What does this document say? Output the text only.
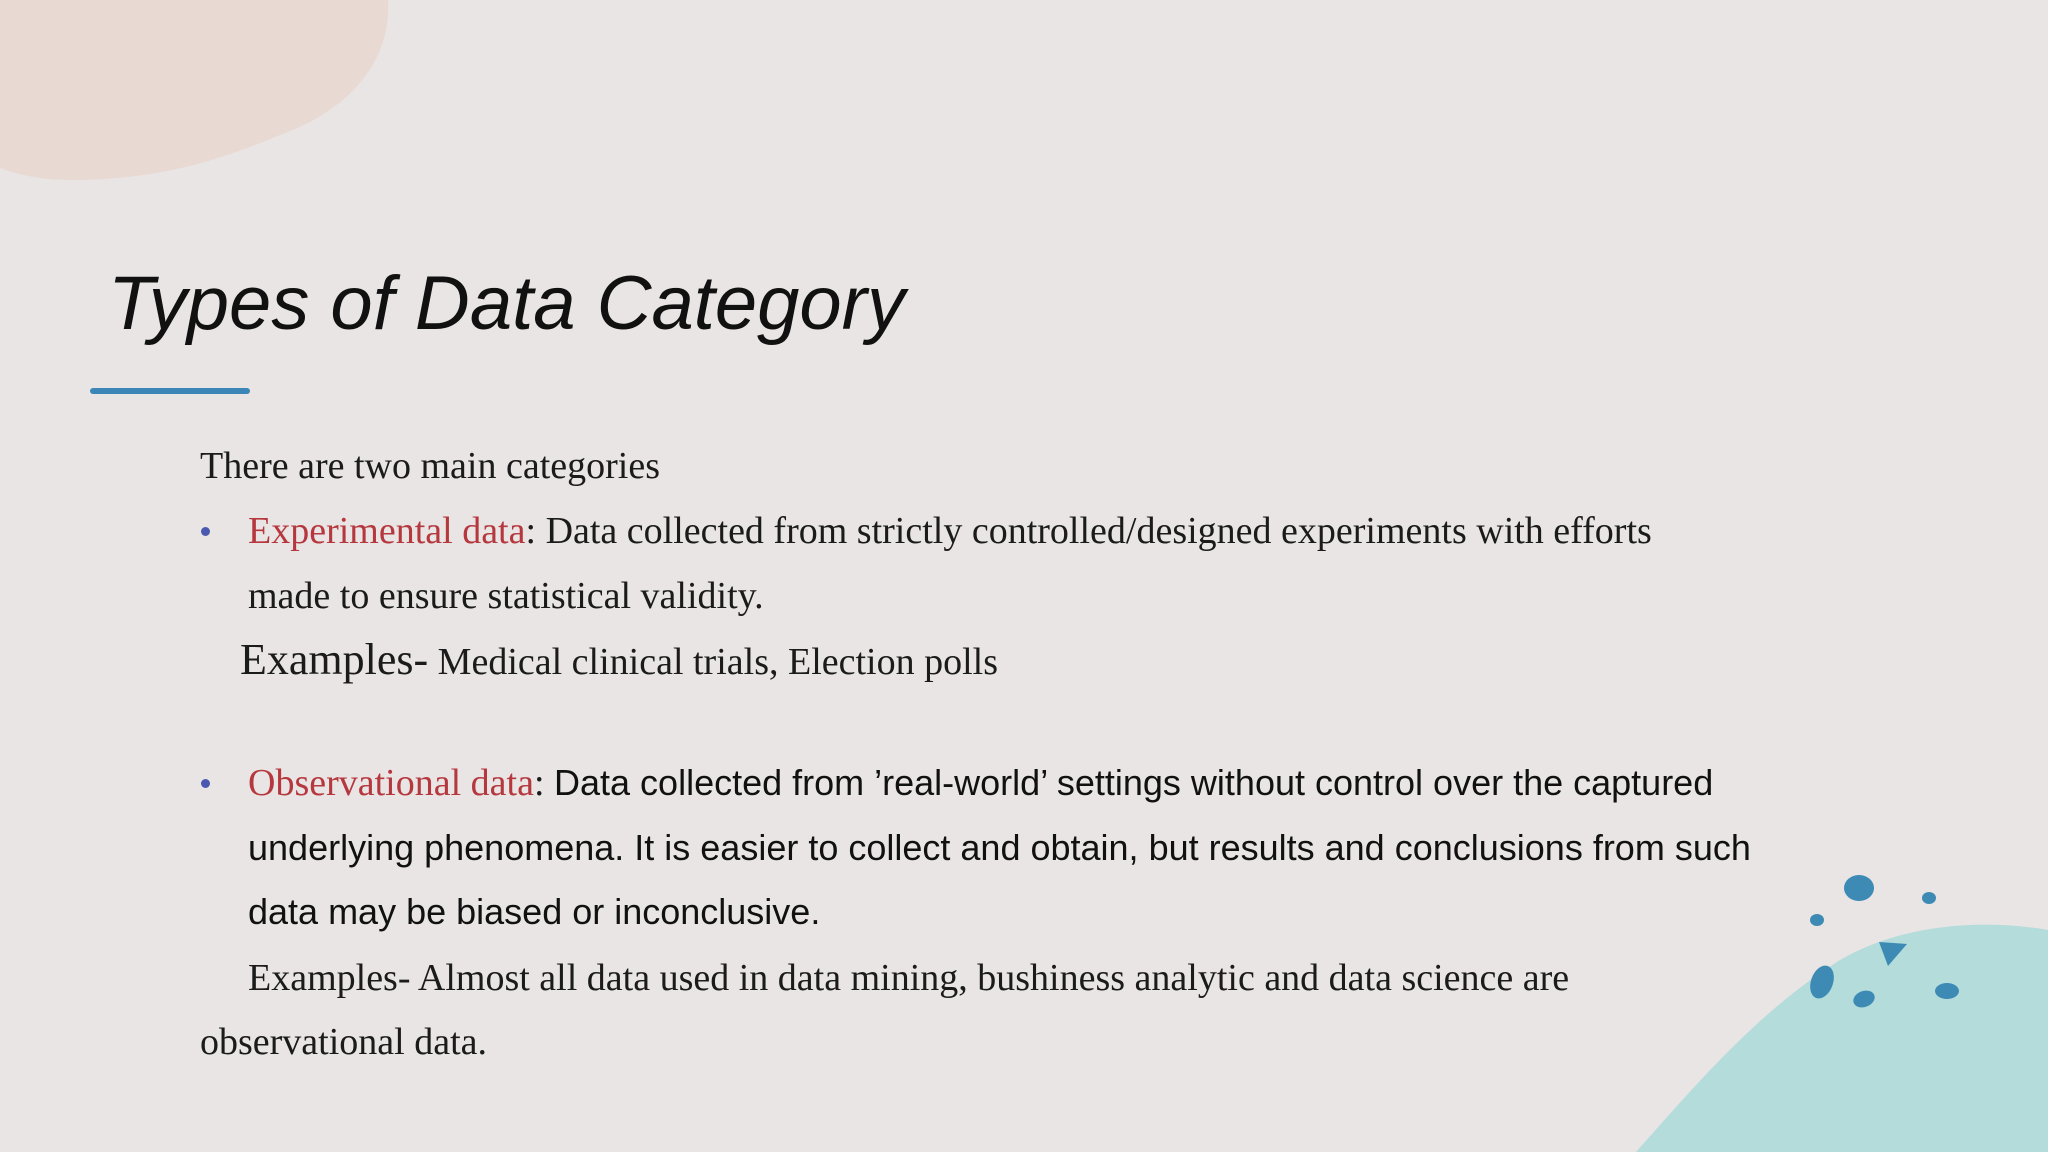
Types of Data Category

There are two main categories

Experimental data: Data collected from strictly controlled/designed experiments with efforts

made to ensure statistical validity.

Examples- Medical clinical trials, Election polls

Observational data: Data collected from ’real-world’ settings without control over the captured

underlying phenomena. It is easier to collect and obtain, but results and conclusions from such

data may be biased or inconclusive.

Examples- Almost all data used in data mining, bushiness analytic and data science are

observational data.
